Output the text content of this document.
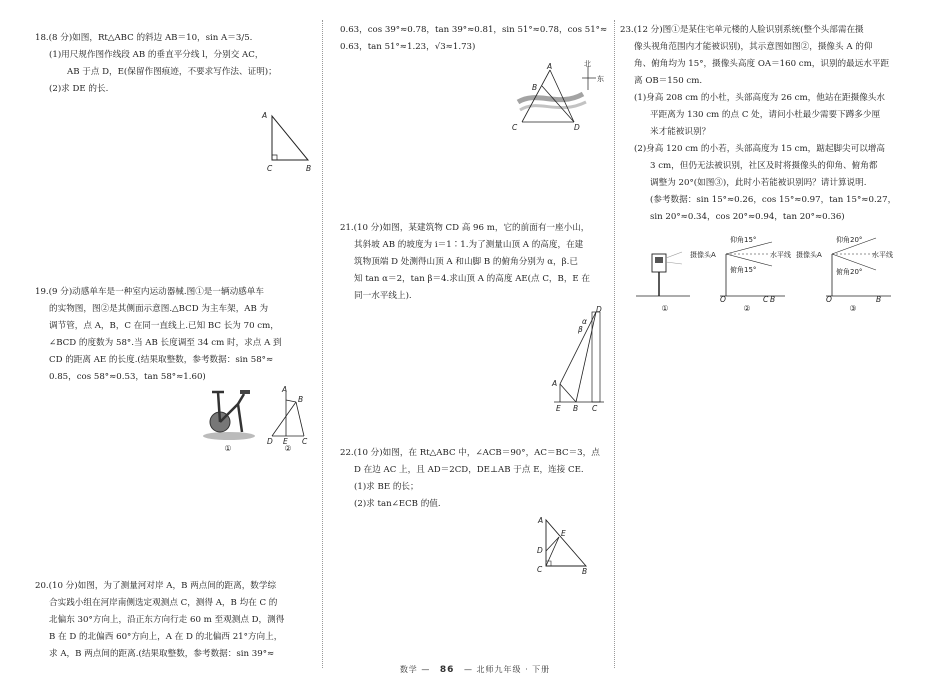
18.(8 分)如图，Rt△ABC 的斜边 AB＝10，sin A＝3/5.

(1)用尺规作图作线段 AB 的垂直平分线 l，分别交 AC，

AB 于点 D，E(保留作图痕迹，不要求写作法、证明)；

(2)求 DE 的长.

A
C	B

19.(9 分)动感单车是一种室内运动器械.图①是一辆动感单车

的实物图，图②是其侧面示意图.△BCD 为主车架，AB 为

调节管，点 A，B，C 在同一直线上.已知 BC 长为 70 cm，

∠BCD 的度数为 58°.当 AB 长度调至 34 cm 时，求点 A 到

CD 的距离 AE 的长度.(结果取整数，参考数据：sin 58°≈

0.85，cos 58°≈0.53，tan 58°≈1.60)

①
A
B
D E C
②

20.(10 分)如图，为了测量河对岸 A，B 两点间的距离，数学综

合实践小组在河岸南侧选定观测点 C，测得 A，B 均在 C 的

北偏东 30°方向上，沿正东方向行走 60 m 至观测点 D，测得

B 在 D 的北偏西 60°方向上，A 在 D 的北偏西 21°方向上，

求 A，B 两点间的距离.(结果取整数，参考数据：sin 39°≈

0.63，cos 39°≈0.78，tan 39°≈0.81，sin 51°≈0.78，cos 51°≈

0.63，tan 51°≈1.23，√3≈1.73)

A
B
C	D
北
东

21.(10 分)如图，某建筑物 CD 高 96 m，它的前面有一座小山，

其斜坡 AB 的坡度为 i＝1∶1.为了测量山顶 A 的高度，在建

筑物顶端 D 处测得山顶 A 和山脚 B 的俯角分别为 α，β.已

知 tan α＝2，tan β＝4.求山顶 A 的高度 AE(点 C，B，E 在

同一水平线上).

D
A
E B C
α
β

22.(10 分)如图，在 Rt△ABC 中，∠ACB＝90°，AC＝BC＝3，点

D 在边 AC 上，且 AD＝2CD，DE⊥AB 于点 E，连接 CE.

(1)求 BE 的长；

(2)求 tan∠ECB 的值.

A
E
D
C	B

23.(12 分)图①是某住宅单元楼的人脸识别系统(整个头部需在摄

像头视角范围内才能被识别)，其示意图如图②，摄像头 A 的仰

角、俯角均为 15°，摄像头高度 OA＝160 cm，识别的最远水平距

离 OB＝150 cm.

(1)身高 208 cm 的小杜，头部高度为 26 cm，他站在距摄像头水

平距离为 130 cm 的点 C 处，请问小杜最少需要下蹲多少厘

米才能被识别？

(2)身高 120 cm 的小若，头部高度为 15 cm，踮起脚尖可以增高

3 cm，但仍无法被识别，社区及时将摄像头的仰角、俯角都

调整为 20°(如图③)，此时小若能被识别吗？请计算说明.

(参考数据：sin 15°≈0.26，cos 15°≈0.97，tan 15°≈0.27，

sin 20°≈0.34，cos 20°≈0.94，tan 20°≈0.36)

①
仰角15°
摄像头A	水平线
俯角15°
O	C B
②
仰角20°
摄像头A	水平线
俯角20°
O	B
③
数学 — 86 — 北师九年级 · 下册
